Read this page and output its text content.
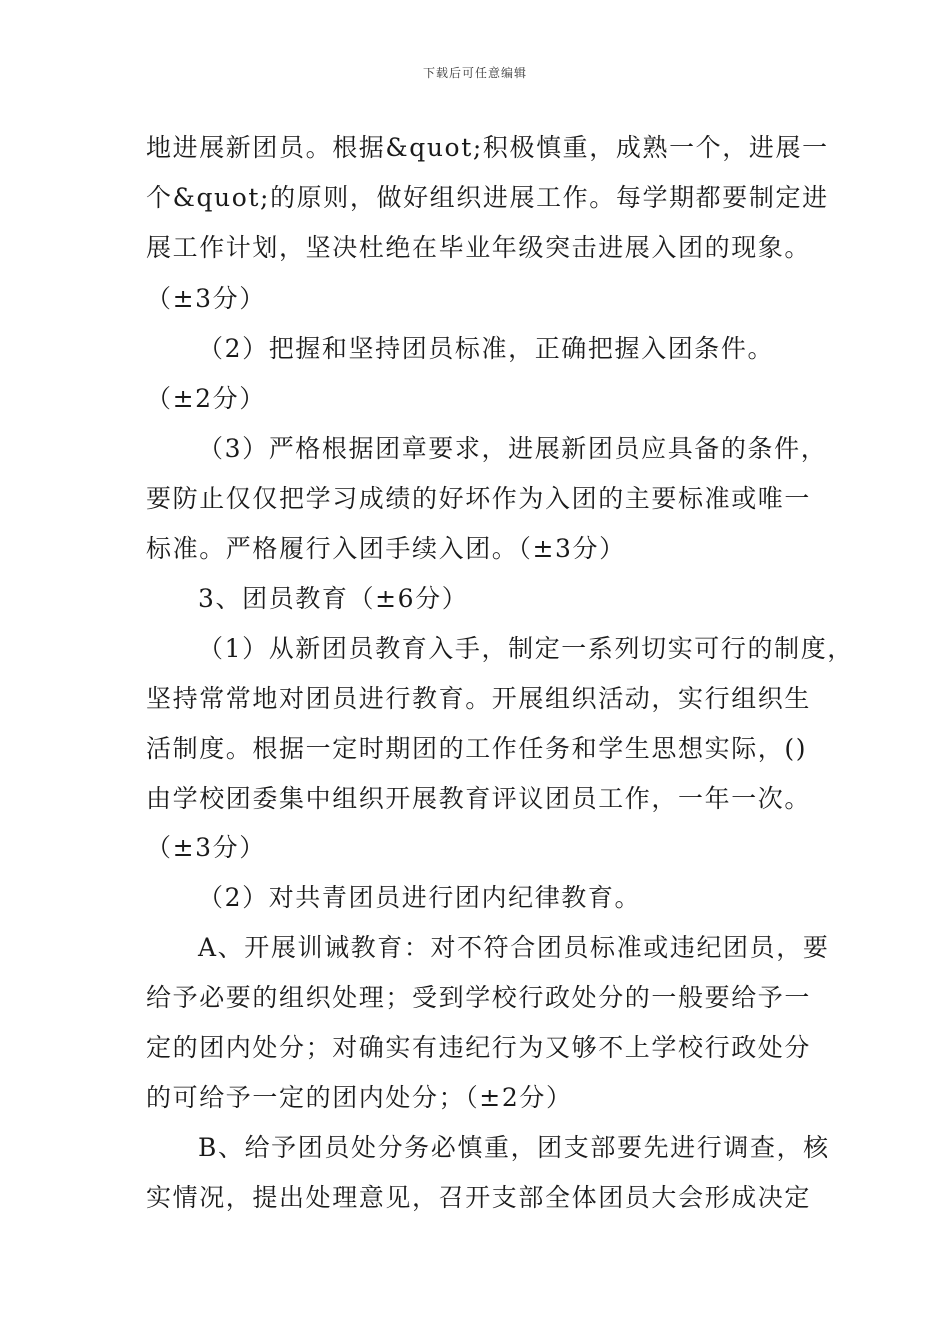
下载后可任意编辑
地进展新团员。根据&quot;积极慎重，成熟一个，进展一
个&quot;的原则，做好组织进展工作。每学期都要制定进
展工作计划，坚决杜绝在毕业年级突击进展入团的现象。
（±3分）
（2）把握和坚持团员标准，正确把握入团条件。
（±2分）
（3）严格根据团章要求，进展新团员应具备的条件，
要防止仅仅把学习成绩的好坏作为入团的主要标准或唯一
标准。严格履行入团手续入团。（±3分）
3、团员教育（±6分）
（1）从新团员教育入手，制定一系列切实可行的制度，
坚持常常地对团员进行教育。开展组织活动，实行组织生
活制度。根据一定时期团的工作任务和学生思想实际，()
由学校团委集中组织开展教育评议团员工作，一年一次。
（±3分）
（2）对共青团员进行团内纪律教育。
A、开展训诫教育：对不符合团员标准或违纪团员，要
给予必要的组织处理；受到学校行政处分的一般要给予一
定的团内处分；对确实有违纪行为又够不上学校行政处分
的可给予一定的团内处分；（±2分）
B、给予团员处分务必慎重，团支部要先进行调查，核
实情况，提出处理意见，召开支部全体团员大会形成决定
